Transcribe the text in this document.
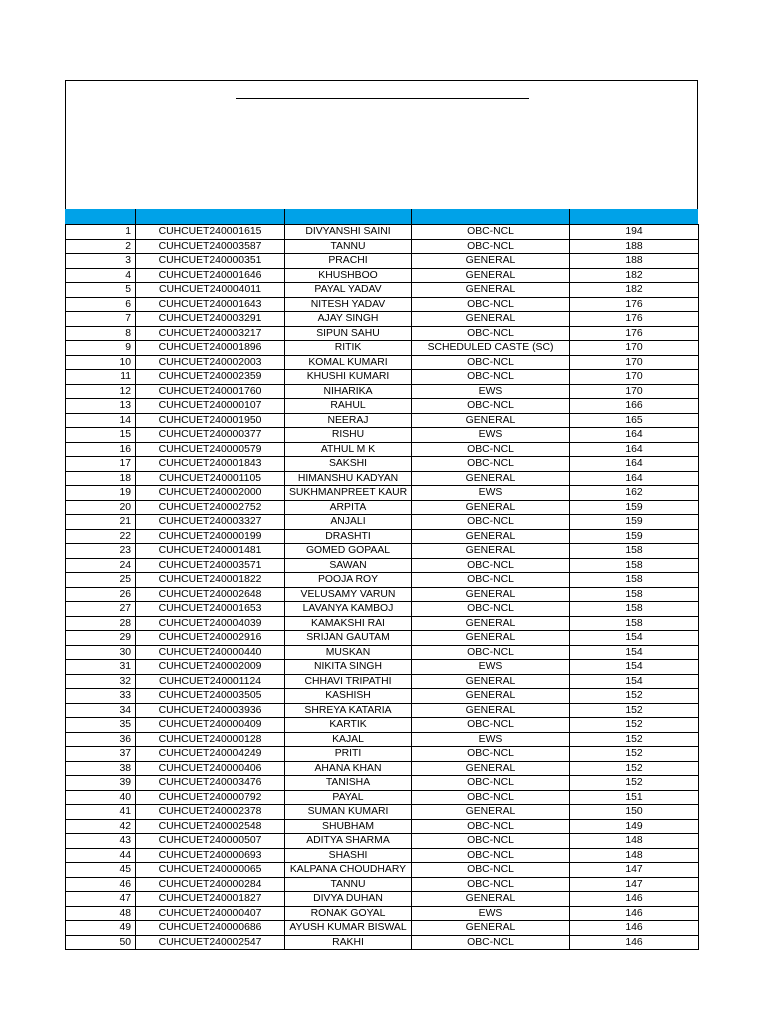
1	CUHCUET240001615	DIVYANSHI SAINI	OBC-NCL	194
2	CUHCUET240003587	TANNU	OBC-NCL	188
3	CUHCUET240000351	PRACHI	GENERAL	188
4	CUHCUET240001646	KHUSHBOO	GENERAL	182
5	CUHCUET240004011	PAYAL YADAV	GENERAL	182
6	CUHCUET240001643	NITESH YADAV	OBC-NCL	176
7	CUHCUET240003291	AJAY SINGH	GENERAL	176
8	CUHCUET240003217	SIPUN SAHU	OBC-NCL	176
9	CUHCUET240001896	RITIK	SCHEDULED CASTE (SC)	170
10	CUHCUET240002003	KOMAL KUMARI	OBC-NCL	170
11	CUHCUET240002359	KHUSHI KUMARI	OBC-NCL	170
12	CUHCUET240001760	NIHARIKA	EWS	170
13	CUHCUET240000107	RAHUL	OBC-NCL	166
14	CUHCUET240001950	NEERAJ	GENERAL	165
15	CUHCUET240000377	RISHU	EWS	164
16	CUHCUET240000579	ATHUL M K	OBC-NCL	164
17	CUHCUET240001843	SAKSHI	OBC-NCL	164
18	CUHCUET240001105	HIMANSHU KADYAN	GENERAL	164
19	CUHCUET240002000	SUKHMANPREET KAUR	EWS	162
20	CUHCUET240002752	ARPITA	GENERAL	159
21	CUHCUET240003327	ANJALI	OBC-NCL	159
22	CUHCUET240000199	DRASHTI	GENERAL	159
23	CUHCUET240001481	GOMED GOPAAL	GENERAL	158
24	CUHCUET240003571	SAWAN	OBC-NCL	158
25	CUHCUET240001822	POOJA ROY	OBC-NCL	158
26	CUHCUET240002648	VELUSAMY VARUN	GENERAL	158
27	CUHCUET240001653	LAVANYA KAMBOJ	OBC-NCL	158
28	CUHCUET240004039	KAMAKSHI RAI	GENERAL	158
29	CUHCUET240002916	SRIJAN GAUTAM	GENERAL	154
30	CUHCUET240000440	MUSKAN	OBC-NCL	154
31	CUHCUET240002009	NIKITA SINGH	EWS	154
32	CUHCUET240001124	CHHAVI TRIPATHI	GENERAL	154
33	CUHCUET240003505	KASHISH	GENERAL	152
34	CUHCUET240003936	SHREYA KATARIA	GENERAL	152
35	CUHCUET240000409	KARTIK	OBC-NCL	152
36	CUHCUET240000128	KAJAL	EWS	152
37	CUHCUET240004249	PRITI	OBC-NCL	152
38	CUHCUET240000406	AHANA KHAN	GENERAL	152
39	CUHCUET240003476	TANISHA	OBC-NCL	152
40	CUHCUET240000792	PAYAL	OBC-NCL	151
41	CUHCUET240002378	SUMAN KUMARI	GENERAL	150
42	CUHCUET240002548	SHUBHAM	OBC-NCL	149
43	CUHCUET240000507	ADITYA SHARMA	OBC-NCL	148
44	CUHCUET240000693	SHASHI	OBC-NCL	148
45	CUHCUET240000065	KALPANA CHOUDHARY	OBC-NCL	147
46	CUHCUET240000284	TANNU	OBC-NCL	147
47	CUHCUET240001827	DIVYA DUHAN	GENERAL	146
48	CUHCUET240000407	RONAK GOYAL	EWS	146
49	CUHCUET240000686	AYUSH KUMAR BISWAL	GENERAL	146
50	CUHCUET240002547	RAKHI	OBC-NCL	146
